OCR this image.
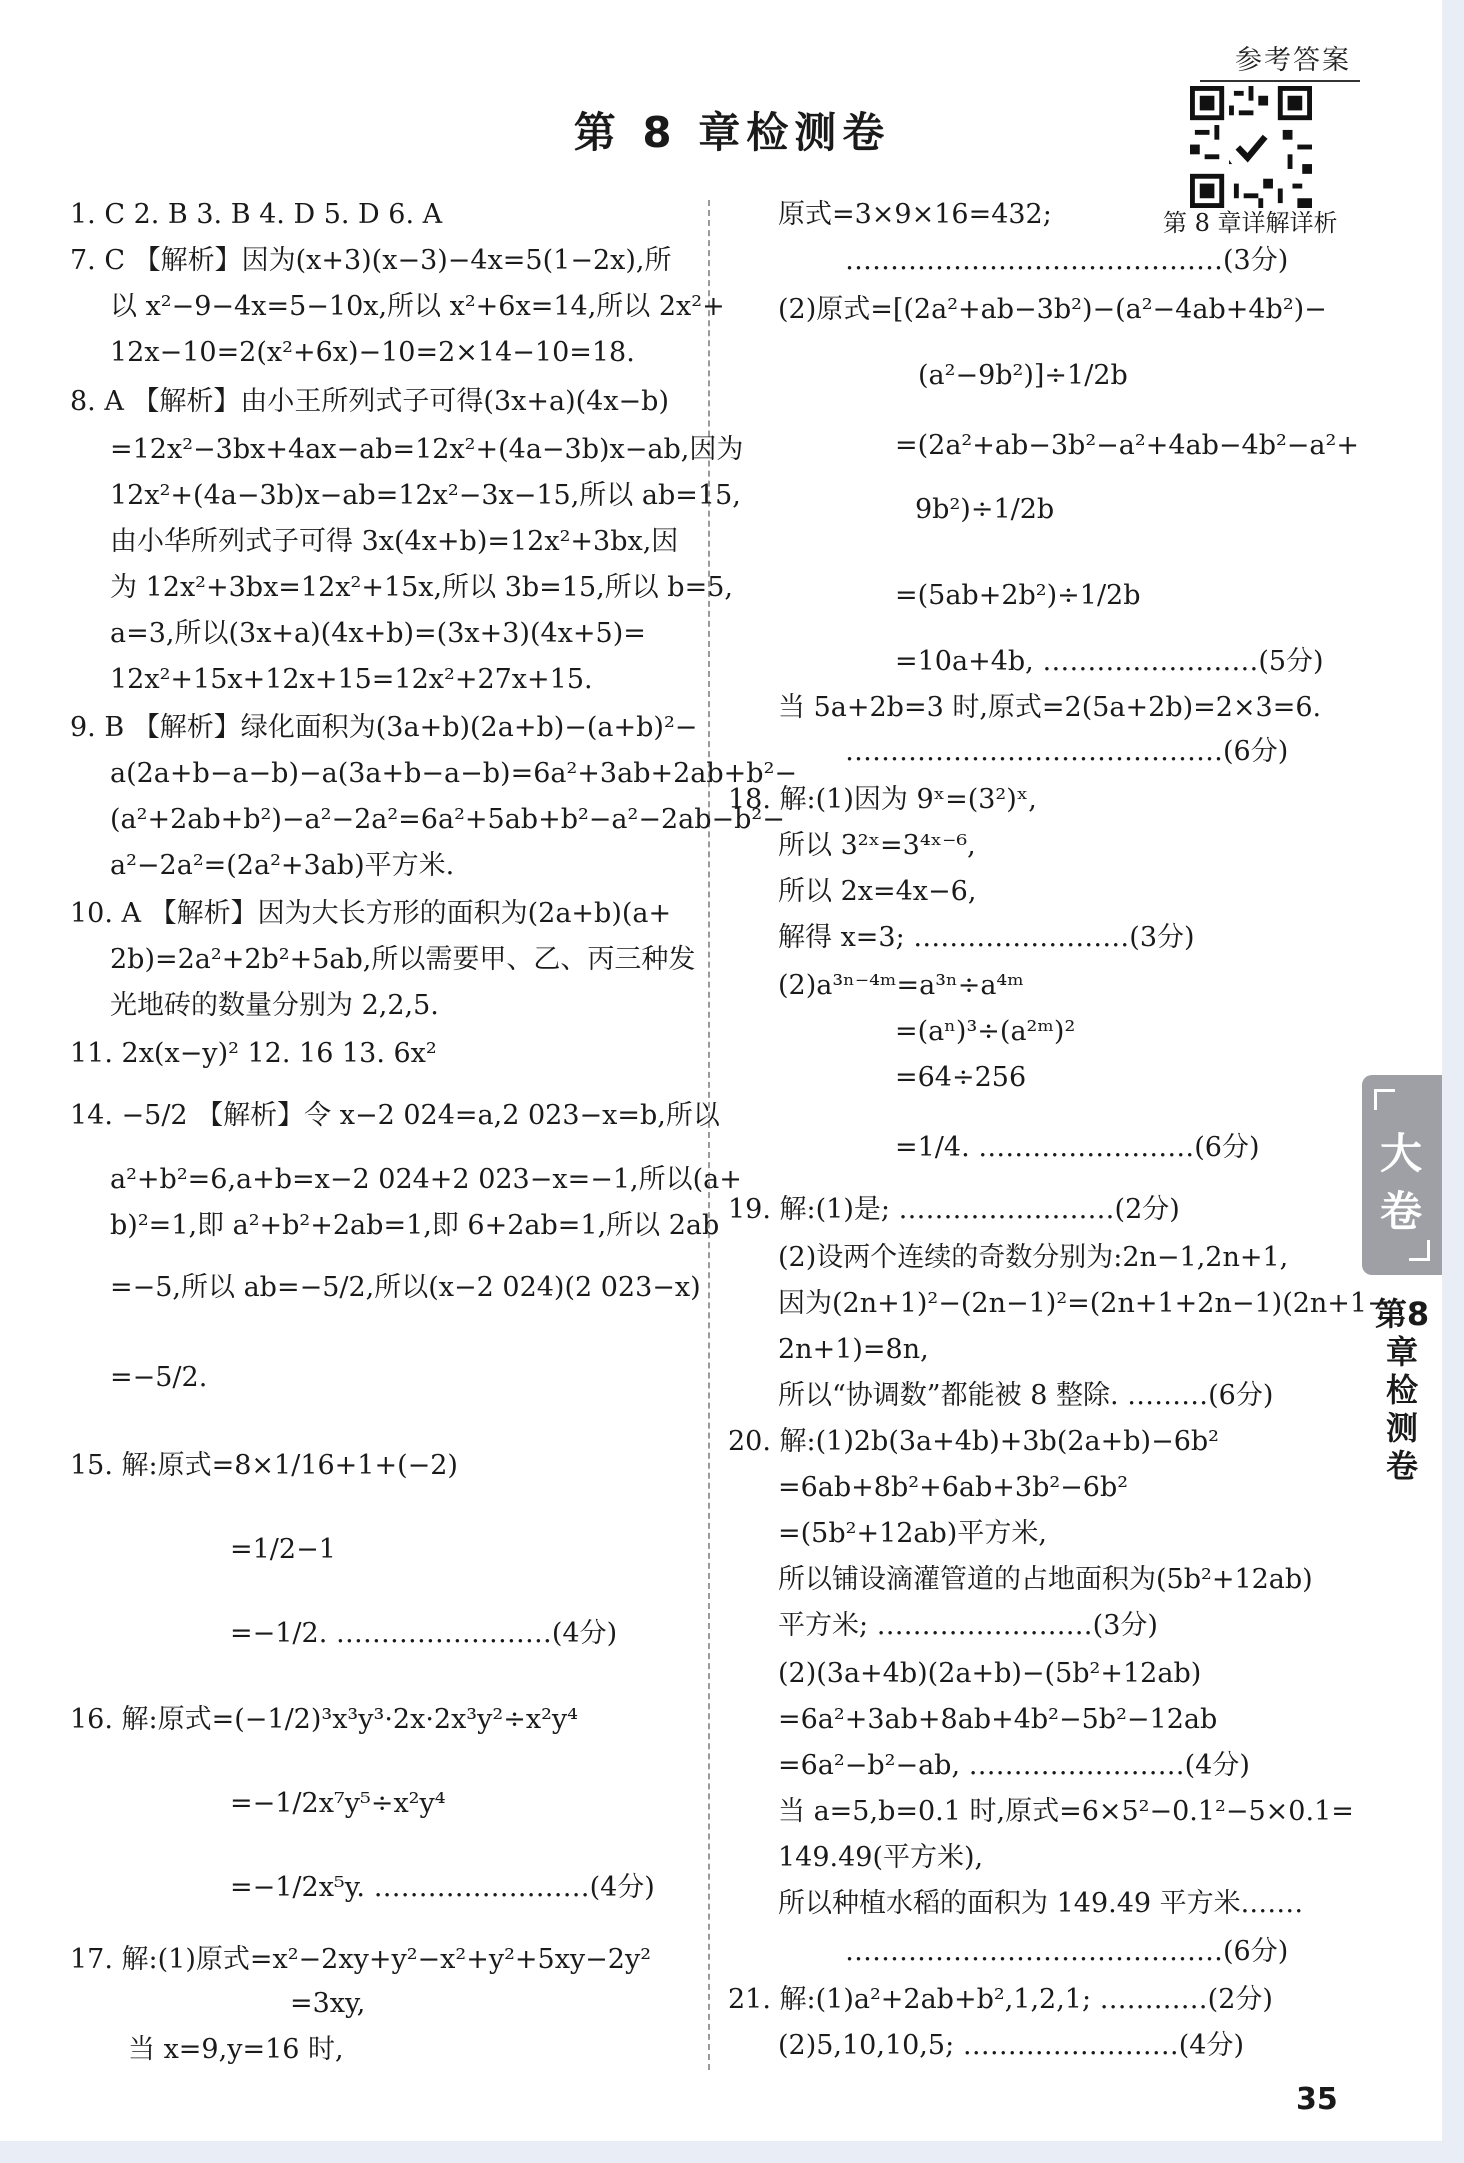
参考答案
第 8 章检测卷
第 8 章详解详析
1. C 2. B 3. B 4. D 5. D 6. A
7. C 【解析】因为(x+3)(x−3)−4x=5(1−2x),所
以 x²−9−4x=5−10x,所以 x²+6x=14,所以 2x²+
12x−10=2(x²+6x)−10=2×14−10=18.
8. A 【解析】由小王所列式子可得(3x+a)(4x−b)
=12x²−3bx+4ax−ab=12x²+(4a−3b)x−ab,因为
12x²+(4a−3b)x−ab=12x²−3x−15,所以 ab=15,
由小华所列式子可得 3x(4x+b)=12x²+3bx,因
为 12x²+3bx=12x²+15x,所以 3b=15,所以 b=5,
a=3,所以(3x+a)(4x+b)=(3x+3)(4x+5)=
12x²+15x+12x+15=12x²+27x+15.
9. B 【解析】绿化面积为(3a+b)(2a+b)−(a+b)²−
a(2a+b−a−b)−a(3a+b−a−b)=6a²+3ab+2ab+b²−
(a²+2ab+b²)−a²−2a²=6a²+5ab+b²−a²−2ab−b²−
a²−2a²=(2a²+3ab)平方米.
10. A 【解析】因为大长方形的面积为(2a+b)(a+
2b)=2a²+2b²+5ab,所以需要甲、乙、丙三种发
光地砖的数量分别为 2,2,5.
11. 2x(x−y)² 12. 16 13. 6x²
14. −5/2 【解析】令 x−2 024=a,2 023−x=b,所以
a²+b²=6,a+b=x−2 024+2 023−x=−1,所以(a+
b)²=1,即 a²+b²+2ab=1,即 6+2ab=1,所以 2ab
=−5,所以 ab=−5/2,所以(x−2 024)(2 023−x)
=−5/2.
15. 解:原式=8×1/16+1+(−2)
=1/2−1
=−1/2. ……………………(4分)
16. 解:原式=(−1/2)³x³y³·2x·2x³y²÷x²y⁴
=−1/2x⁷y⁵÷x²y⁴
=−1/2x⁵y. ……………………(4分)
17. 解:(1)原式=x²−2xy+y²−x²+y²+5xy−2y²
=3xy,
当 x=9,y=16 时,
原式=3×9×16=432;
……………………………………(3分)
(2)原式=[(2a²+ab−3b²)−(a²−4ab+4b²)−
(a²−9b²)]÷1/2b
=(2a²+ab−3b²−a²+4ab−4b²−a²+
9b²)÷1/2b
=(5ab+2b²)÷1/2b
=10a+4b, ……………………(5分)
当 5a+2b=3 时,原式=2(5a+2b)=2×3=6.
……………………………………(6分)
18. 解:(1)因为 9ˣ=(3²)ˣ,
所以 3²ˣ=3⁴ˣ⁻⁶,
所以 2x=4x−6,
解得 x=3; ……………………(3分)
(2)a³ⁿ⁻⁴ᵐ=a³ⁿ÷a⁴ᵐ
=(aⁿ)³÷(a²ᵐ)²
=64÷256
=1/4. ……………………(6分)
19. 解:(1)是; ……………………(2分)
(2)设两个连续的奇数分别为:2n−1,2n+1,
因为(2n+1)²−(2n−1)²=(2n+1+2n−1)(2n+1−
2n+1)=8n,
所以“协调数”都能被 8 整除. ………(6分)
20. 解:(1)2b(3a+4b)+3b(2a+b)−6b²
=6ab+8b²+6ab+3b²−6b²
=(5b²+12ab)平方米,
所以铺设滴灌管道的占地面积为(5b²+12ab)
平方米; ……………………(3分)
(2)(3a+4b)(2a+b)−(5b²+12ab)
=6a²+3ab+8ab+4b²−5b²−12ab
=6a²−b²−ab, ……………………(4分)
当 a=5,b=0.1 时,原式=6×5²−0.1²−5×0.1=
149.49(平方米),
所以种植水稻的面积为 149.49 平方米.……
……………………………………(6分)
21. 解:(1)a²+2ab+b²,1,2,1; …………(2分)
(2)5,10,10,5; ……………………(4分)
大卷
第8章检测卷
35
